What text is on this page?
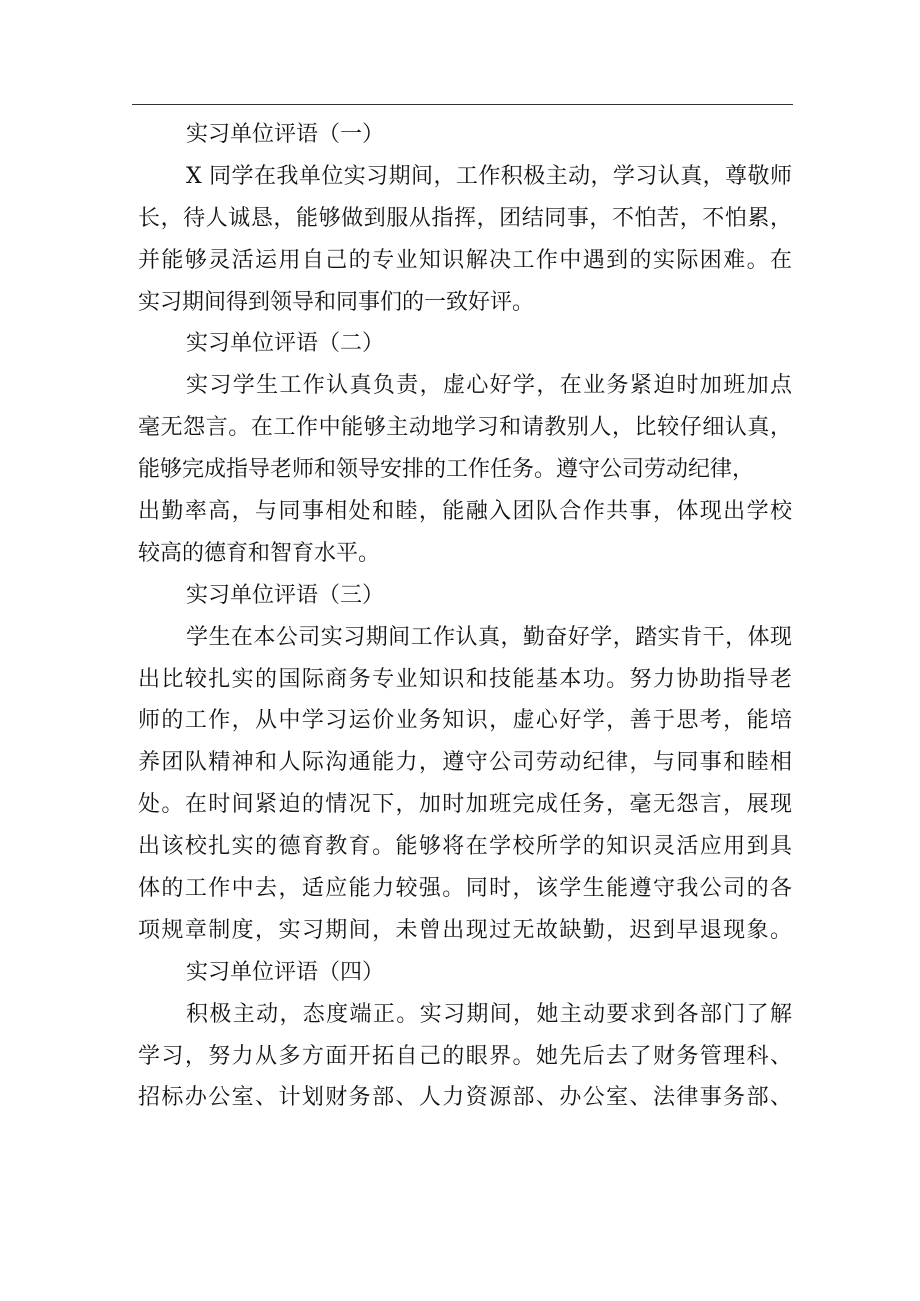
实习单位评语（一）
X 同学在我单位实习期间，工作积极主动，学习认真，尊敬师
长，待人诚恳，能够做到服从指挥，团结同事，不怕苦，不怕累，
并能够灵活运用自己的专业知识解决工作中遇到的实际困难。在
实习期间得到领导和同事们的一致好评。
实习单位评语（二）
实习学生工作认真负责，虚心好学，在业务紧迫时加班加点
毫无怨言。在工作中能够主动地学习和请教别人，比较仔细认真，
能够完成指导老师和领导安排的工作任务。遵守公司劳动纪律，
出勤率高，与同事相处和睦，能融入团队合作共事，体现出学校
较高的德育和智育水平。
实习单位评语（三）
学生在本公司实习期间工作认真，勤奋好学，踏实肯干，体现
出比较扎实的国际商务专业知识和技能基本功。努力协助指导老
师的工作，从中学习运价业务知识，虚心好学，善于思考，能培
养团队精神和人际沟通能力，遵守公司劳动纪律，与同事和睦相
处。在时间紧迫的情况下，加时加班完成任务，毫无怨言，展现
出该校扎实的德育教育。能够将在学校所学的知识灵活应用到具
体的工作中去，适应能力较强。同时，该学生能遵守我公司的各
项规章制度，实习期间，未曾出现过无故缺勤，迟到早退现象。
实习单位评语（四）
积极主动，态度端正。实习期间，她主动要求到各部门了解
学习，努力从多方面开拓自己的眼界。她先后去了财务管理科、
招标办公室、计划财务部、人力资源部、办公室、法律事务部、
